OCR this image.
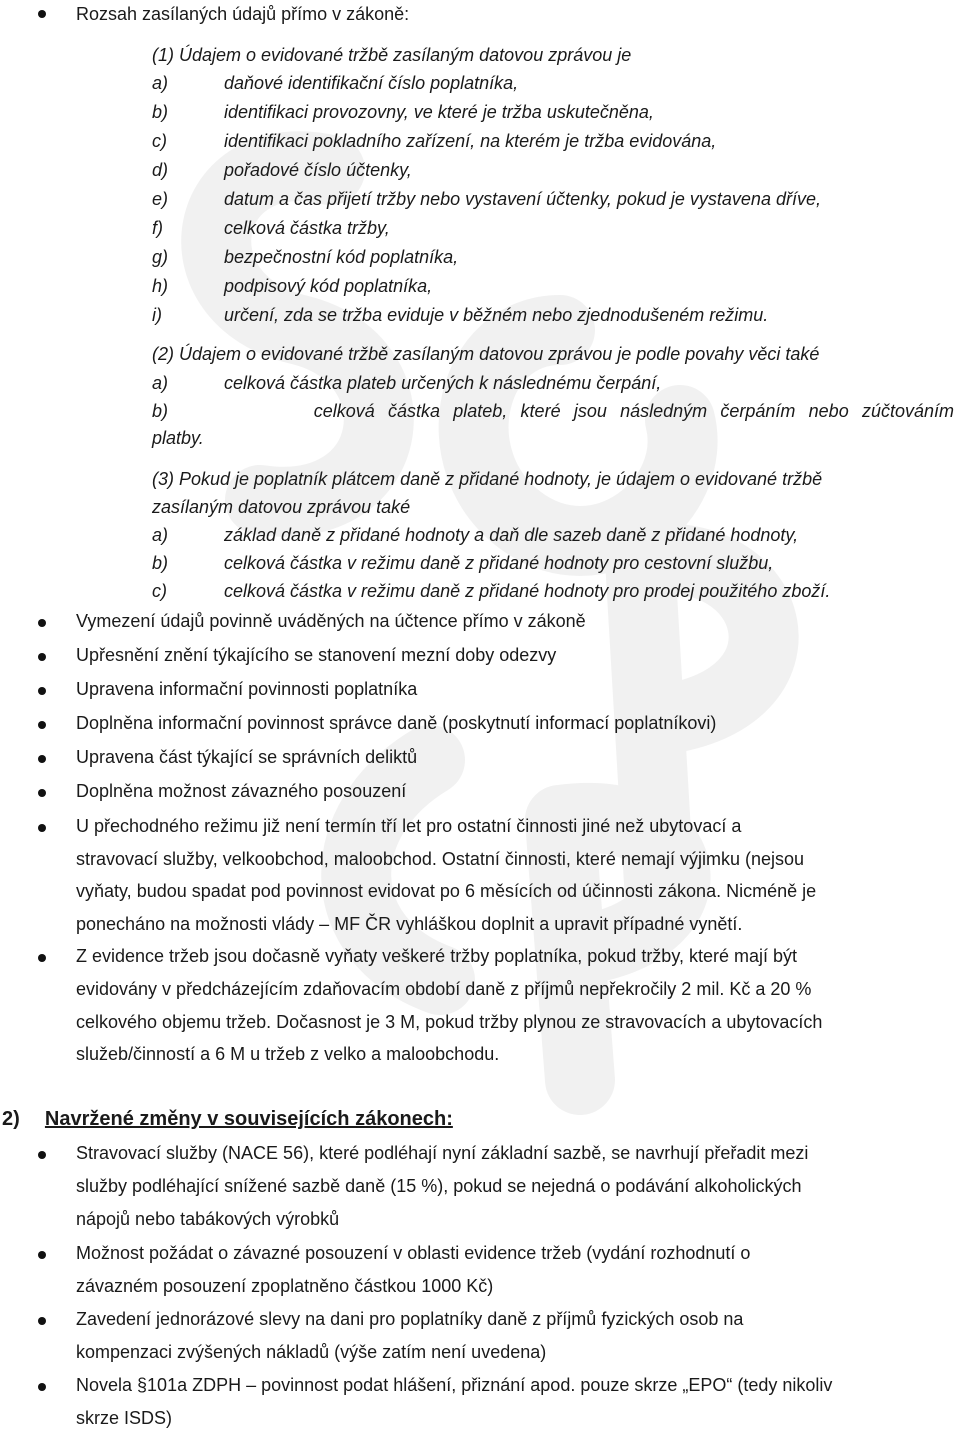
Rozsah zasílaných údajů přímo v zákoně:
(1) Údajem o evidované tržbě zasílaným datovou zprávou je
a)	daňové identifikační číslo poplatníka,
b)	identifikaci provozovny, ve které je tržba uskutečněna,
c)	identifikaci pokladního zařízení, na kterém je tržba evidována,
d)	pořadové číslo účtenky,
e)	datum a čas přijetí tržby nebo vystavení účtenky, pokud je vystavena dříve,
f)	celková částka tržby,
g)	bezpečnostní kód poplatníka,
h)	podpisový kód poplatníka,
i)	určení, zda se tržba eviduje v běžném nebo zjednodušeném režimu.
(2) Údajem o evidované tržbě zasílaným datovou zprávou je podle povahy věci také
a)	celková částka plateb určených k následnému čerpání,
b)           celková částka plateb, které jsou následným čerpáním nebo zúčtováním
platby.
(3) Pokud je poplatník plátcem daně z přidané hodnoty, je údajem o evidované tržbě
zasílaným datovou zprávou také
a)	základ daně z přidané hodnoty a daň dle sazeb daně z přidané hodnoty,
b)	celková částka v režimu daně z přidané hodnoty pro cestovní službu,
c)	celková částka v režimu daně z přidané hodnoty pro prodej použitého zboží.
Vymezení údajů povinně uváděných na účtence přímo v zákoně
Upřesnění znění týkajícího se stanovení mezní doby odezvy
Upravena informační povinnosti poplatníka
Doplněna informační povinnost správce daně (poskytnutí informací poplatníkovi)
Upravena část týkající se správních deliktů
Doplněna možnost závazného posouzení
U přechodného režimu již není termín tří let pro ostatní činnosti jiné než ubytovací a
stravovací služby, velkoobchod, maloobchod. Ostatní činnosti, které nemají výjimku (nejsou
vyňaty, budou spadat pod povinnost evidovat po 6 měsících od účinnosti zákona. Nicméně je
ponecháno na možnosti vlády – MF ČR vyhláškou doplnit a upravit případné vynětí.
Z evidence tržeb jsou dočasně vyňaty veškeré tržby poplatníka, pokud tržby, které mají být
evidovány v předcházejícím zdaňovacím období daně z příjmů nepřekročily 2 mil. Kč a 20 %
celkového objemu tržeb. Dočasnost je 3 M, pokud tržby plynou ze stravovacích a ubytovacích
služeb/činností a 6 M u tržeb z velko a maloobchodu.
2) Navržené změny v souvisejících zákonech:
Stravovací služby (NACE 56), které podléhají nyní základní sazbě, se navrhují přeřadit mezi
služby podléhající snížené sazbě daně (15 %), pokud se nejedná o podávání alkoholických
nápojů nebo tabákových výrobků
Možnost požádat o závazné posouzení v oblasti evidence tržeb (vydání rozhodnutí o
závazném posouzení zpoplatněno částkou 1000 Kč)
Zavedení jednorázové slevy na dani pro poplatníky daně z příjmů fyzických osob na
kompenzaci zvýšených nákladů (výše zatím není uvedena)
Novela §101a ZDPH – povinnost podat hlášení, přiznání apod. pouze skrze „EPO“ (tedy nikoliv
skrze ISDS)
